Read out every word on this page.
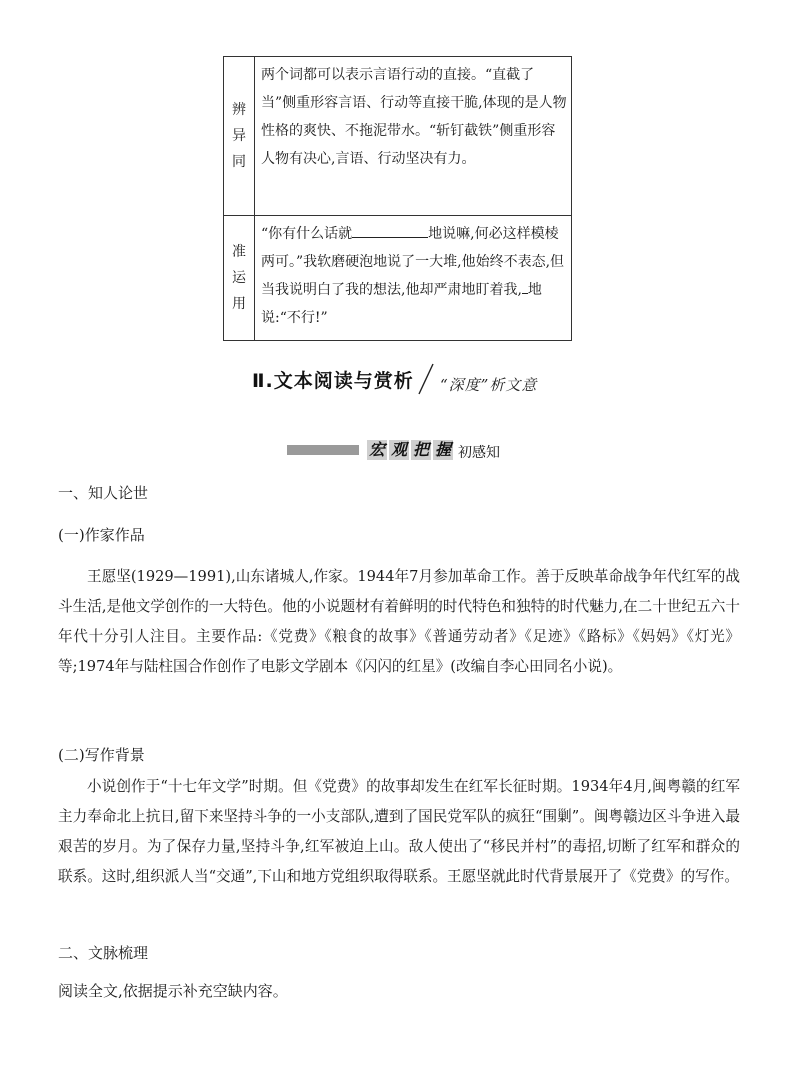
辨
异
同	两个词都可以表示言语行动的直接。“直截了当”侧重形容言语、行动等直接干脆,体现的是人物性格的爽快、不拖泥带水。“斩钉截铁”侧重形容人物有决心,言语、行动坚决有力。

准
运
用	“你有什么话就 地说嘛,何必这样模棱两可。”我软磨硬泡地说了一大堆,他始终不表态,但当我说明白了我的想法,他却严肃地盯着我, 地说:“不行!”
Ⅱ.文本阅读与赏析 “深度”析文意
宏 观 把 握 初感知
一、知人论世
(一)作家作品
王愿坚(1929—1991),山东诸城人,作家。1944年7月参加革命工作。善于反映革命战争年代红军的战斗生活,是他文学创作的一大特色。他的小说题材有着鲜明的时代特色和独特的时代魅力,在二十世纪五六十年代十分引人注目。主要作品:《党费》《粮食的故事》《普通劳动者》《足迹》《路标》《妈妈》《灯光》等;1974年与陆柱国合作创作了电影文学剧本《闪闪的红星》(改编自李心田同名小说)。
(二)写作背景
小说创作于“十七年文学”时期。但《党费》的故事却发生在红军长征时期。1934年4月,闽粤赣的红军主力奉命北上抗日,留下来坚持斗争的一小支部队,遭到了国民党军队的疯狂“围剿”。闽粤赣边区斗争进入最艰苦的岁月。为了保存力量,坚持斗争,红军被迫上山。敌人使出了“移民并村”的毒招,切断了红军和群众的联系。这时,组织派人当“交通”,下山和地方党组织取得联系。王愿坚就此时代背景展开了《党费》的写作。
二、文脉梳理
阅读全文,依据提示补充空缺内容。
